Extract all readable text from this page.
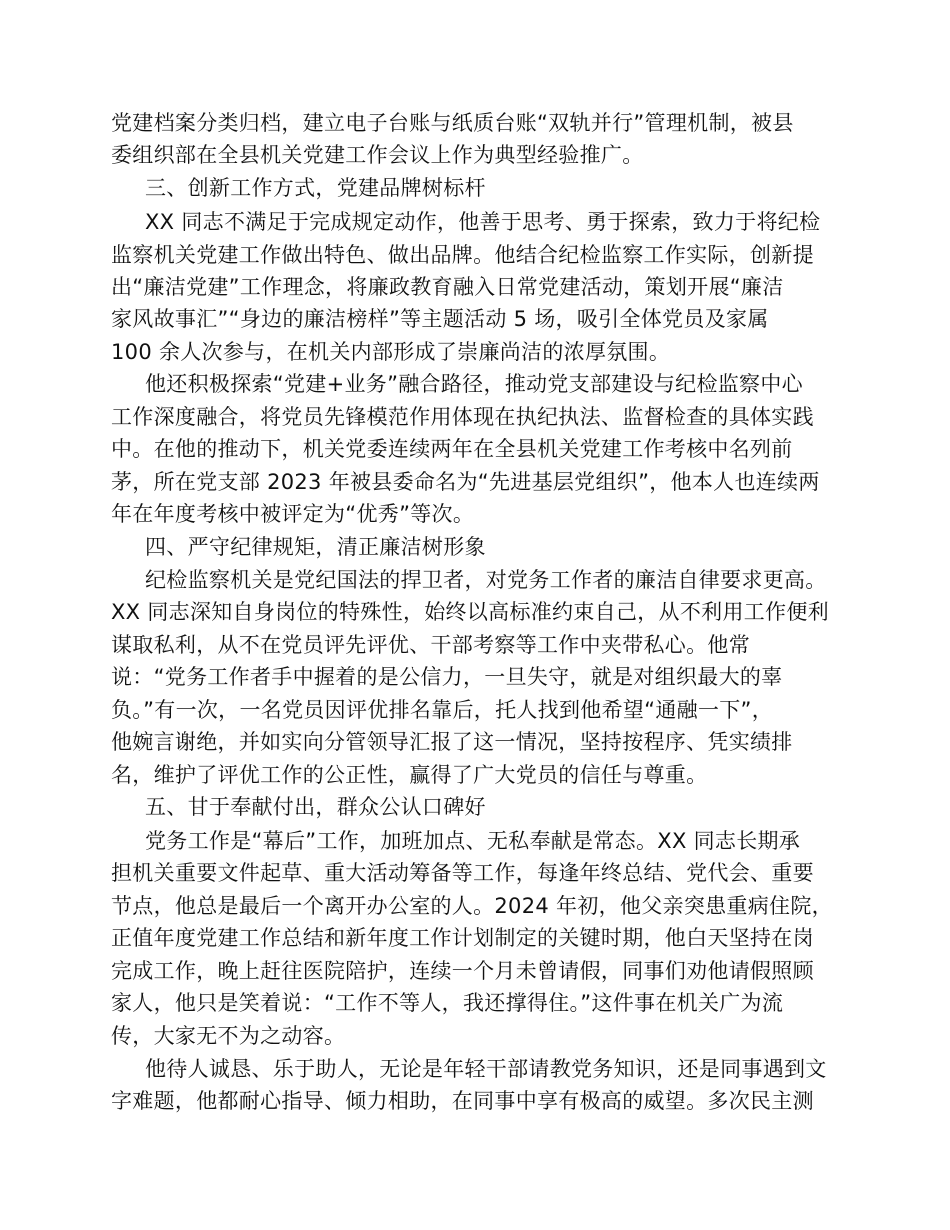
党建档案分类归档，建立电子台账与纸质台账“双轨并行”管理机制，被县
委组织部在全县机关党建工作会议上作为典型经验推广。
三、创新工作方式，党建品牌树标杆
XX 同志不满足于完成规定动作，他善于思考、勇于探索，致力于将纪检
监察机关党建工作做出特色、做出品牌。他结合纪检监察工作实际，创新提
出“廉洁党建”工作理念，将廉政教育融入日常党建活动，策划开展“廉洁
家风故事汇”“身边的廉洁榜样”等主题活动 5 场，吸引全体党员及家属
100 余人次参与，在机关内部形成了崇廉尚洁的浓厚氛围。
他还积极探索“党建+业务”融合路径，推动党支部建设与纪检监察中心
工作深度融合，将党员先锋模范作用体现在执纪执法、监督检查的具体实践
中。在他的推动下，机关党委连续两年在全县机关党建工作考核中名列前
茅，所在党支部 2023 年被县委命名为“先进基层党组织”，他本人也连续两
年在年度考核中被评定为“优秀”等次。
四、严守纪律规矩，清正廉洁树形象
纪检监察机关是党纪国法的捍卫者，对党务工作者的廉洁自律要求更高。
XX 同志深知自身岗位的特殊性，始终以高标准约束自己，从不利用工作便利
谋取私利，从不在党员评先评优、干部考察等工作中夹带私心。他常
说：“党务工作者手中握着的是公信力，一旦失守，就是对组织最大的辜
负。”有一次，一名党员因评优排名靠后，托人找到他希望“通融一下”，
他婉言谢绝，并如实向分管领导汇报了这一情况，坚持按程序、凭实绩排
名，维护了评优工作的公正性，赢得了广大党员的信任与尊重。
五、甘于奉献付出，群众公认口碑好
党务工作是“幕后”工作，加班加点、无私奉献是常态。XX 同志长期承
担机关重要文件起草、重大活动筹备等工作，每逢年终总结、党代会、重要
节点，他总是最后一个离开办公室的人。2024 年初，他父亲突患重病住院，
正值年度党建工作总结和新年度工作计划制定的关键时期，他白天坚持在岗
完成工作，晚上赶往医院陪护，连续一个月未曾请假，同事们劝他请假照顾
家人，他只是笑着说：“工作不等人，我还撑得住。”这件事在机关广为流
传，大家无不为之动容。
他待人诚恳、乐于助人，无论是年轻干部请教党务知识，还是同事遇到文
字难题，他都耐心指导、倾力相助，在同事中享有极高的威望。多次民主测
